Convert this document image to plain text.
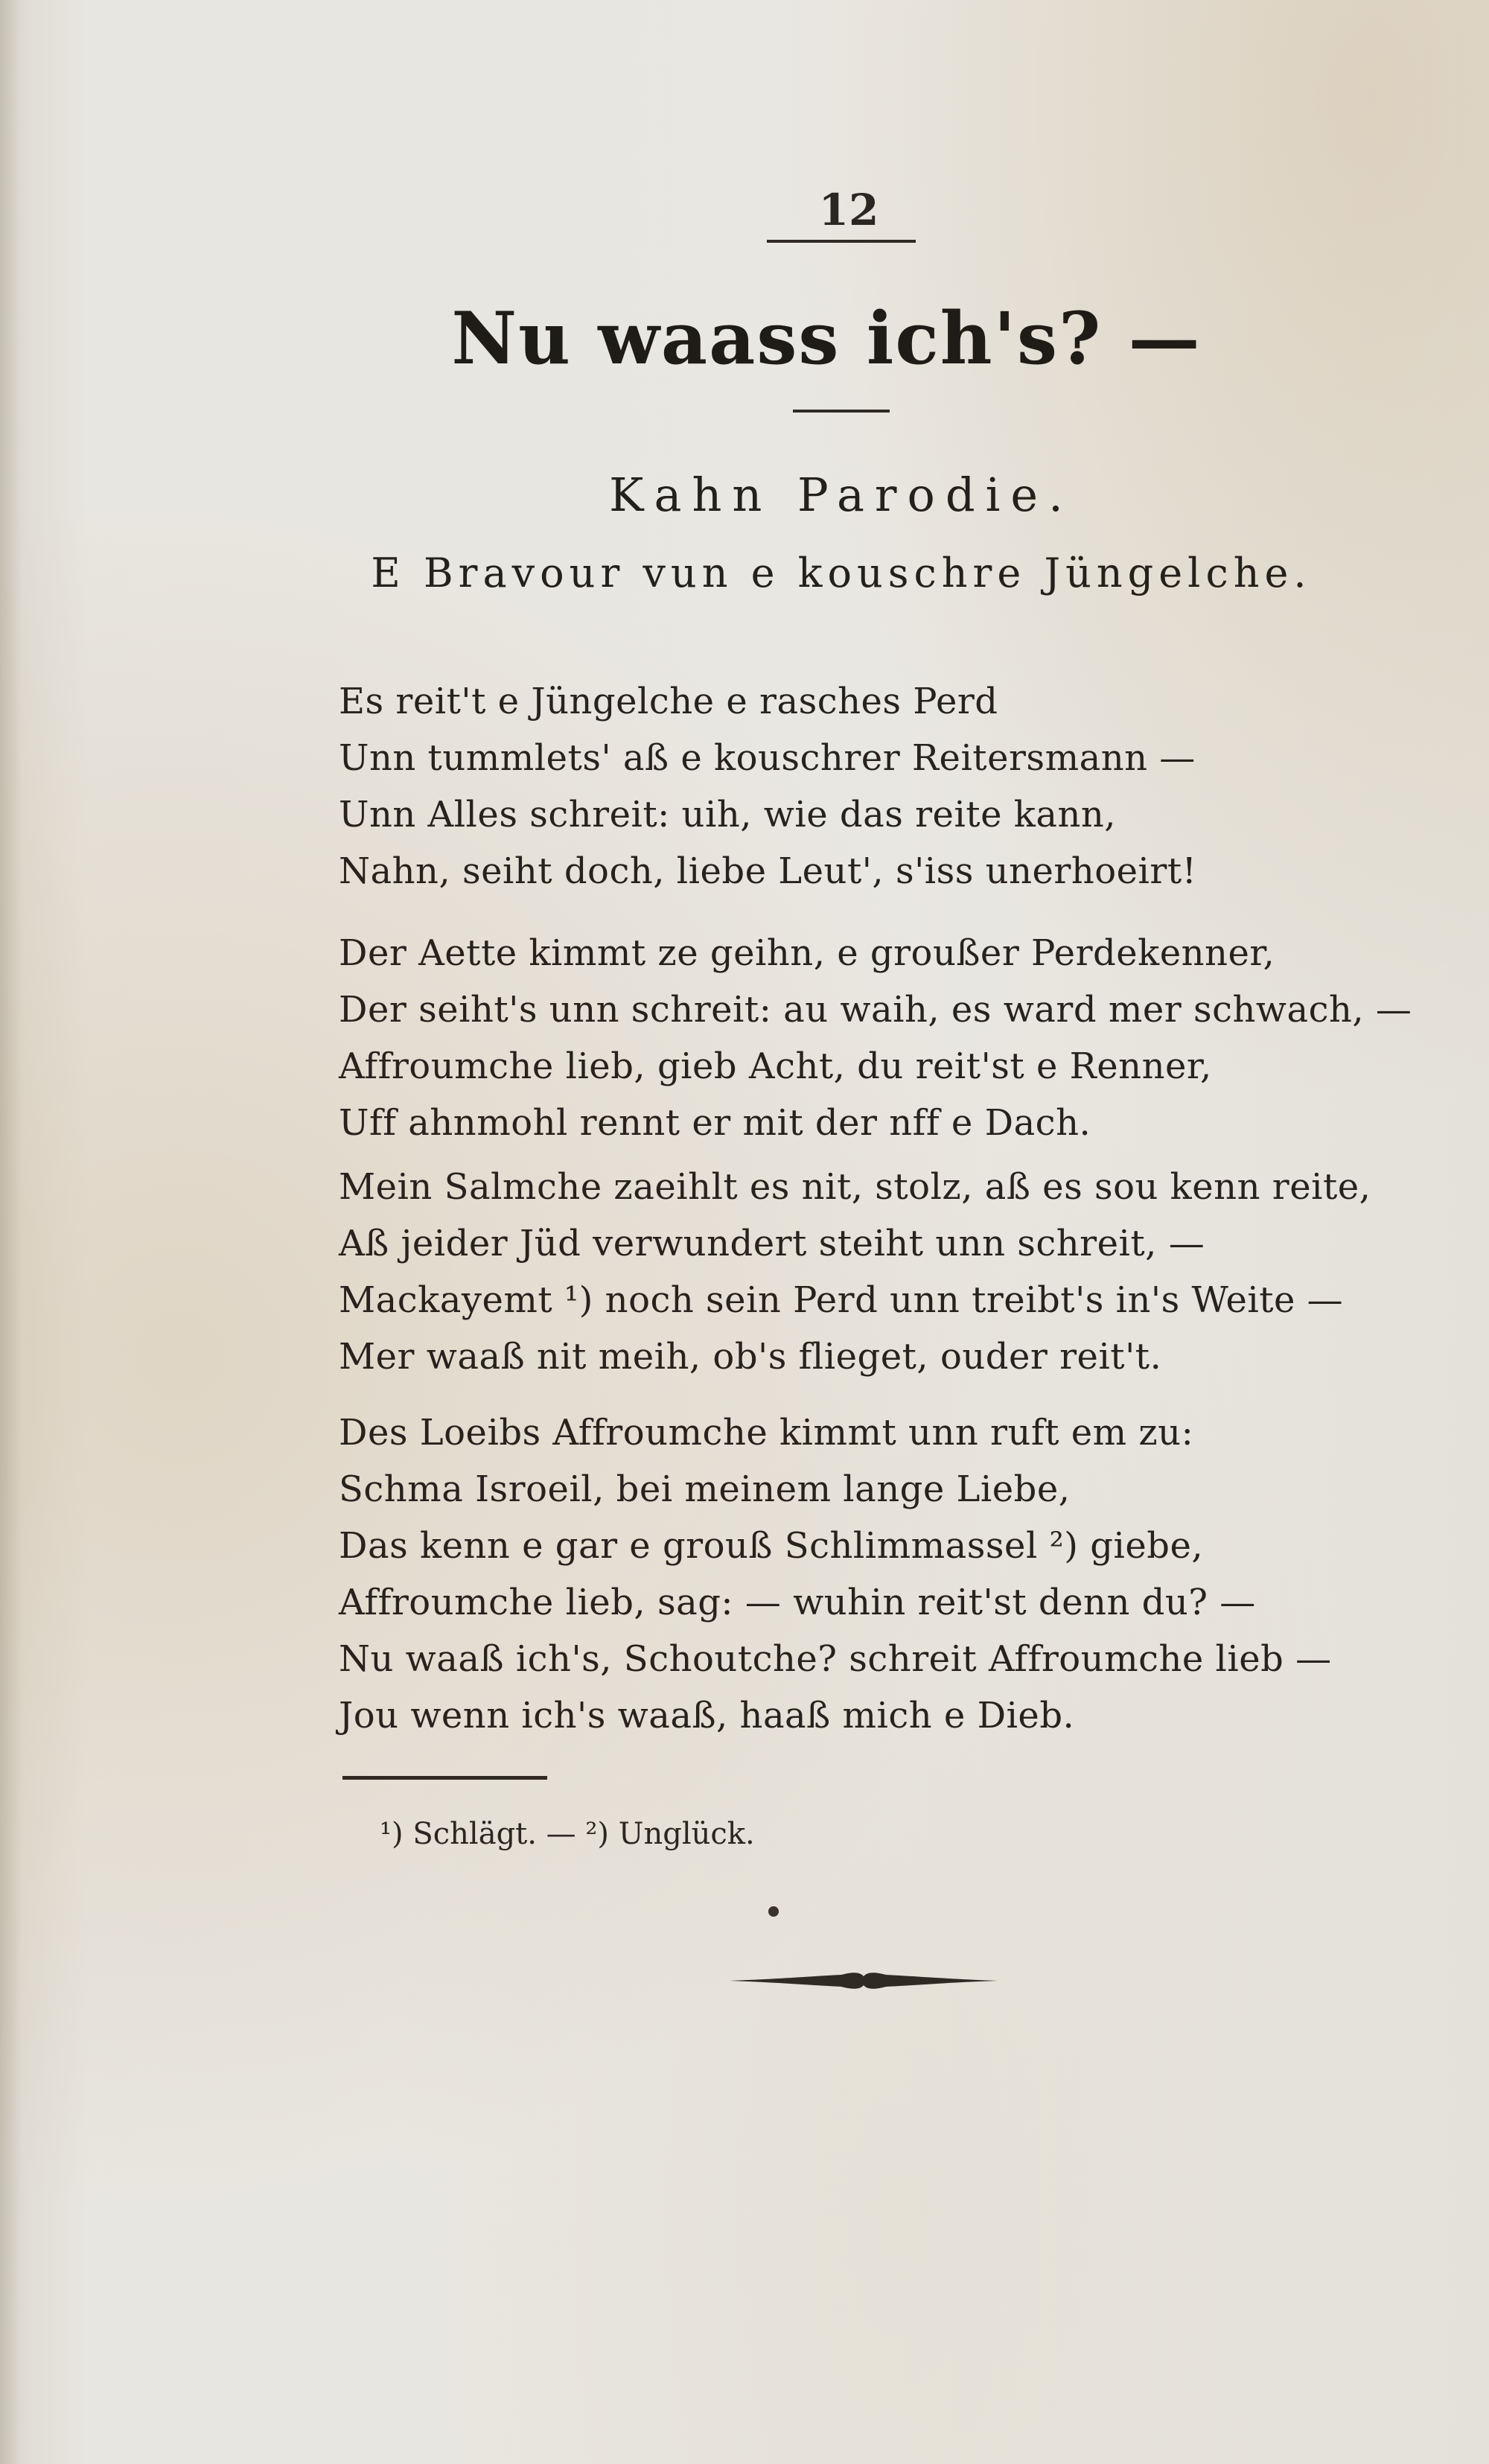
12
Nu waass ich's? —
Kahn Parodie.
E Bravour vun e kouschre Jüngelche.
Es reit't e Jüngelche e rasches Perd
Unn tummlets' aß e kouschrer Reitersmann —
Unn Alles schreit: uih, wie das reite kann,
Nahn, seiht doch, liebe Leut', s'iss unerhoeirt!
Der Aette kimmt ze geihn, e groußer Perdekenner,
Der seiht's unn schreit: au waih, es ward mer schwach, —
Affroumche lieb, gieb Acht, du reit'st e Renner,
Uff ahnmohl rennt er mit der nff e Dach.
Mein Salmche zaeihlt es nit, stolz, aß es sou kenn reite,
Aß jeider Jüd verwundert steiht unn schreit, —
Mackayemt ¹) noch sein Perd unn treibt's in's Weite —
Mer waaß nit meih, ob's flieget, ouder reit't.
Des Loeibs Affroumche kimmt unn ruft em zu:
Schma Isroeil, bei meinem lange Liebe,
Das kenn e gar e grouß Schlimmassel ²) giebe,
Affroumche lieb, sag: — wuhin reit'st denn du? —
Nu waaß ich's, Schoutche? schreit Affroumche lieb —
Jou wenn ich's waaß, haaß mich e Dieb.
¹) Schlägt. — ²) Unglück.
